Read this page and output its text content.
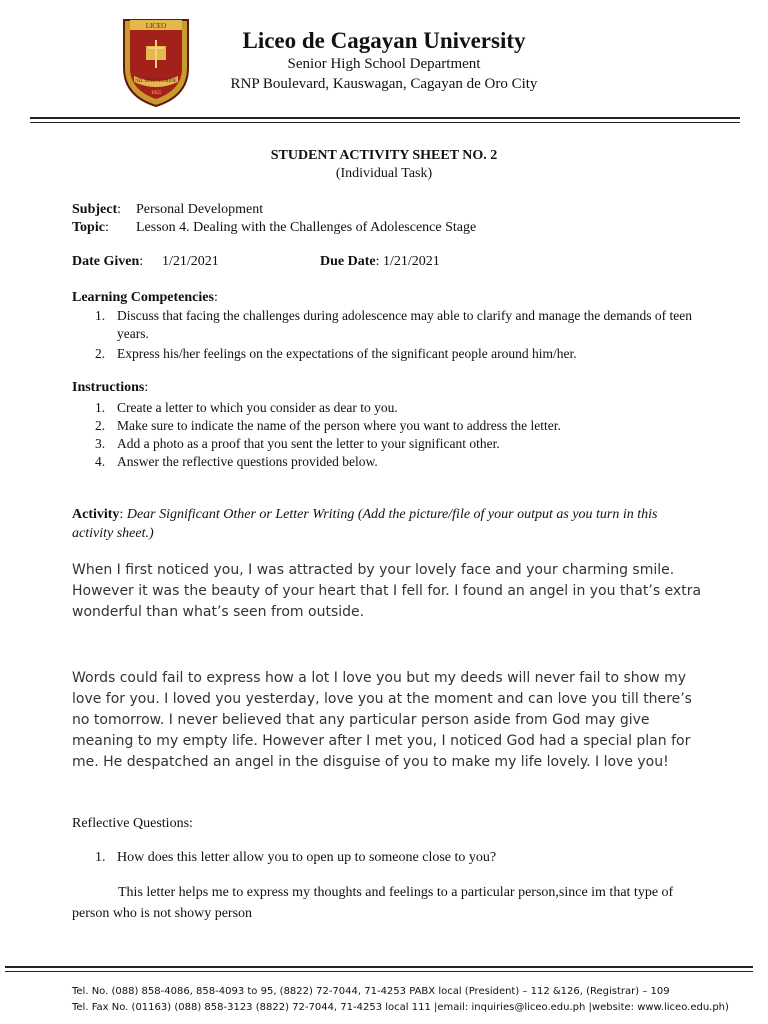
LICEO
NIL SINE NUMINE
1955
Liceo de Cagayan University
Senior High School Department
RNP Boulevard, Kauswagan, Cagayan de Oro City
STUDENT ACTIVITY SHEET NO. 2
(Individual Task)
Subject: Personal Development
Topic: Lesson 4. Dealing with the Challenges of Adolescence Stage
Date Given: 1/21/2021	Due Date: 1/21/2021
Learning Competencies:
1. Discuss that facing the challenges during adolescence may able to clarify and manage the demands of teen years.
2. Express his/her feelings on the expectations of the significant people around him/her.
Instructions:
1. Create a letter to which you consider as dear to you.
2. Make sure to indicate the name of the person where you want to address the letter.
3. Add a photo as a proof that you sent the letter to your significant other.
4. Answer the reflective questions provided below.
Activity: Dear Significant Other or Letter Writing (Add the picture/file of your output as you turn in this activity sheet.)
When I first noticed you, I was attracted by your lovely face and your charming smile. However it was the beauty of your heart that I fell for. I found an angel in you that’s extra wonderful than what’s seen from outside.
Words could fail to express how a lot I love you but my deeds will never fail to show my love for you. I loved you yesterday, love you at the moment and can love you till there’s no tomorrow. I never believed that any particular person aside from God may give meaning to my empty life. However after I met you, I noticed God had a special plan for me. He despatched an angel in the disguise of you to make my life lovely. I love you!
Reflective Questions:
1. How does this letter allow you to open up to someone close to you?
This letter helps me to express my thoughts and feelings to a particular person,since im that type of person who is not showy person
Tel. No. (088) 858-4086, 858-4093 to 95, (8822) 72-7044, 71-4253 PABX local (President) – 112 &126, (Registrar) – 109
Tel. Fax No. (01163) (088) 858-3123 (8822) 72-7044, 71-4253 local 111 |email: inquiries@liceo.edu.ph |website: www.liceo.edu.ph)
